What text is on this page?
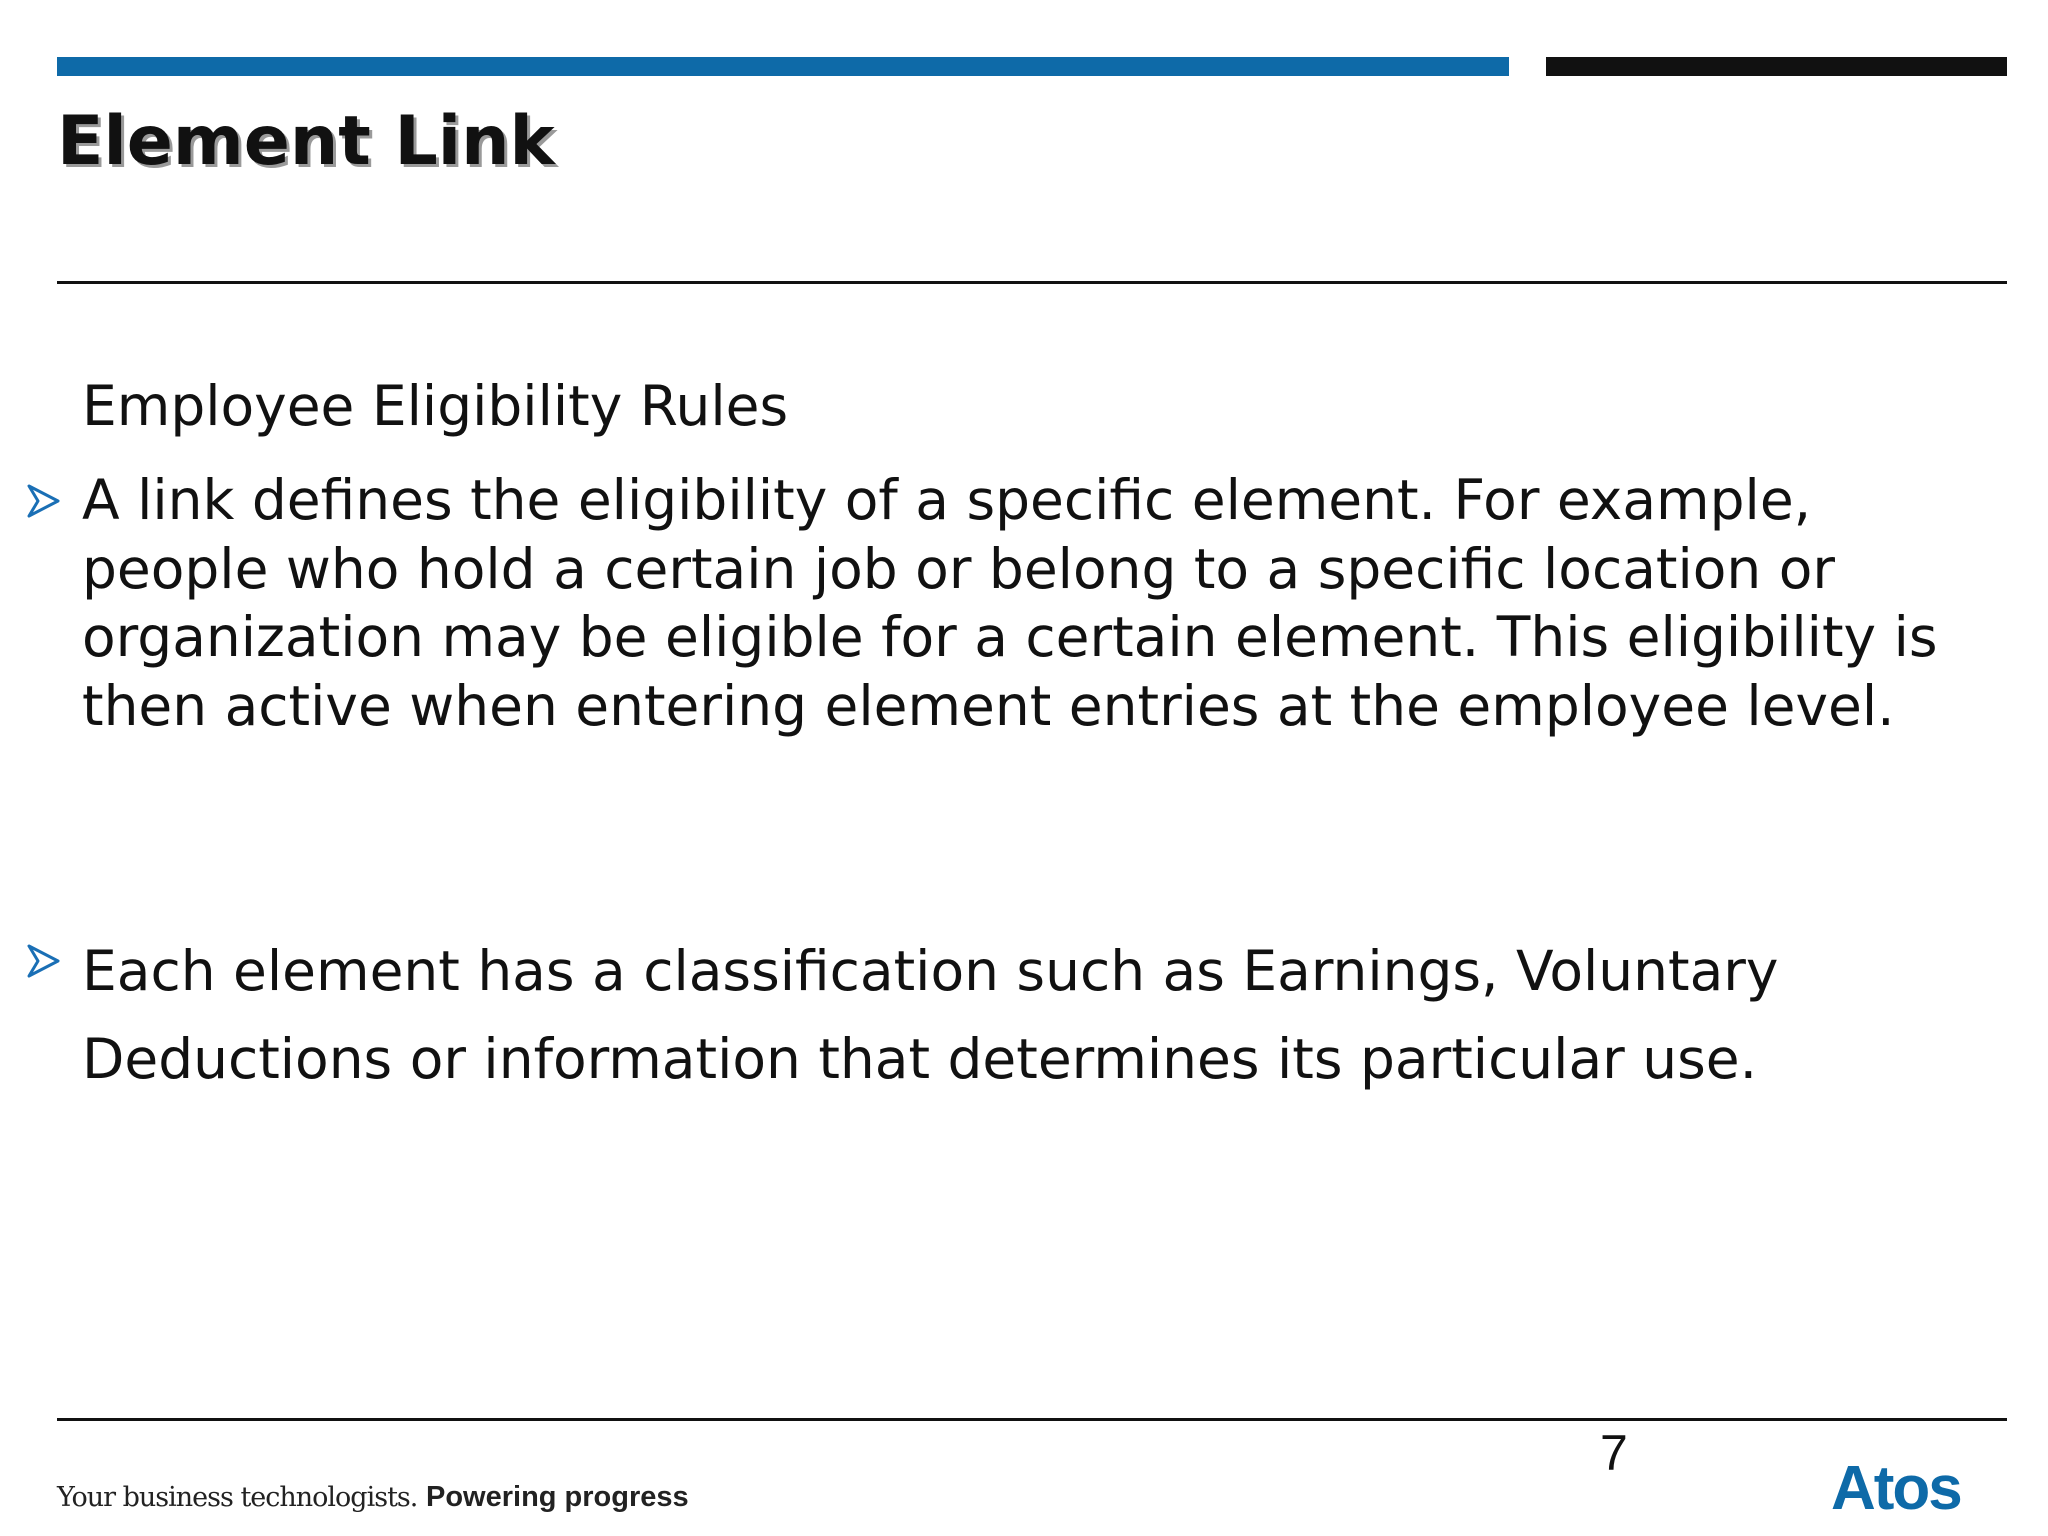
Element Link
Employee Eligibility Rules
A link defines the eligibility of a specific element. For example, people who hold a certain job or belong to a specific location or organization may be eligible for a certain element. This eligibility is then active when entering element entries at the employee level.
Each element has a classification such as Earnings, Voluntary Deductions or information that determines its particular use.
7
Your business technologists. Powering progress	Atos
